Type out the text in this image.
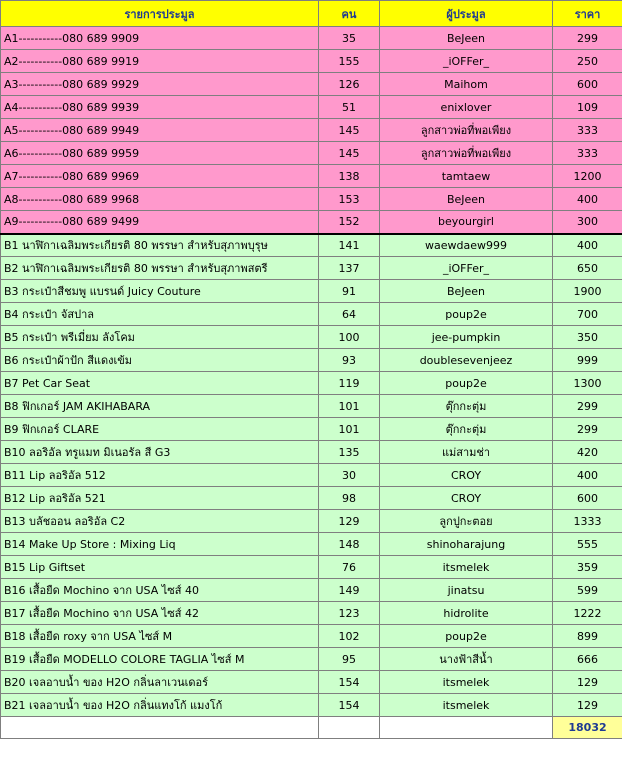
รายการประมูล	คน	ผู้ประมูล	ราคา
A1-----------080 689 9909	35	BeJeen	299
A2-----------080 689 9919	155	_iOFFer_	250
A3-----------080 689 9929	126	Maihom	600
A4-----------080 689 9939	51	enixlover	109
A5-----------080 689 9949	145	ลูกสาวพ่อที่พอเพียง	333
A6-----------080 689 9959	145	ลูกสาวพ่อที่พอเพียง	333
A7-----------080 689 9969	138	tamtaew	1200
A8-----------080 689 9968	153	BeJeen	400
A9-----------080 689 9499	152	beyourgirl	300
B1 นาฬิกาเฉลิมพระเกียรติ 80 พรรษา สำหรับสุภาพบุรุษ	141	waewdaew999	400
B2 นาฬิกาเฉลิมพระเกียรติ 80 พรรษา สำหรับสุภาพสตรี	137	_iOFFer_	650
B3 กระเป๋าสีชมพู แบรนด์ Juicy Couture	91	BeJeen	1900
B4 กระเป๋า จัสปาล	64	poup2e	700
B5 กระเป๋า พรีเมี่ยม ลังโคม	100	jee-pumpkin	350
B6 กระเป๋าผ้าปัก สีแดงเข้ม	93	doublesevenjeez	999
B7 Pet Car Seat	119	poup2e	1300
B8 ฟิกเกอร์ JAM AKIHABARA	101	ตุ๊กกะตุ่ม	299
B9 ฟิกเกอร์ CLARE	101	ตุ๊กกะตุ่ม	299
B10 ลอริอัล ทรูแมท มิเนอรัล สี G3	135	แม่สามช่า	420
B11 Lip ลอริอัล 512	30	CROY	400
B12 Lip ลอริอัล 521	98	CROY	600
B13 บลัชออน ลอริอัล C2	129	ลูกปูกะตอย	1333
B14 Make Up Store : Mixing Liq	148	shinoharajung	555
B15 Lip Giftset	76	itsmelek	359
B16 เสื้อยืด Mochino จาก USA ไซส์ 40	149	jinatsu	599
B17 เสื้อยืด Mochino จาก USA ไซส์ 42	123	hidrolite	1222
B18 เสื้อยืด roxy จาก USA ไซส์ M	102	poup2e	899
B19 เสื้อยืด MODELLO COLORE TAGLIA ไซส์ M	95	นางฟ้าสีน้ำ	666
B20 เจลอาบน้ำ ของ H2O กลิ่นลาเวนเดอร์	154	itsmelek	129
B21 เจลอาบน้ำ ของ H2O กลิ่นแทงโก้ แมงโก้	154	itsmelek	129
			18032
